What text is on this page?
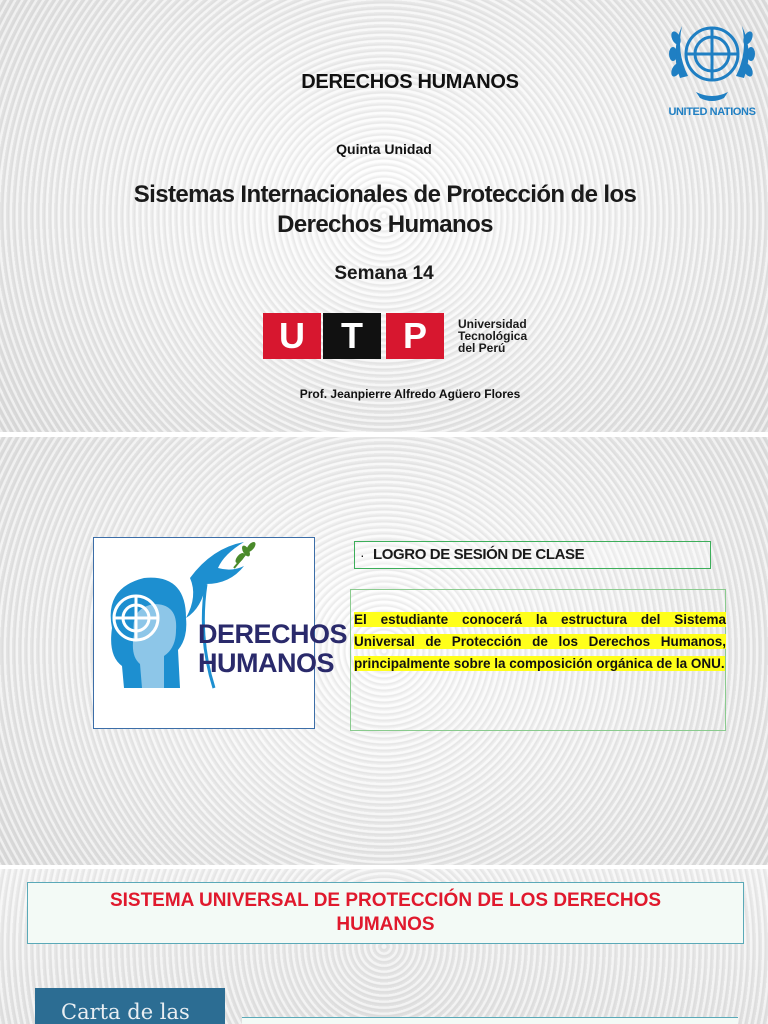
DERECHOS HUMANOS
UNITED NATIONS
Quinta Unidad
Sistemas Internacionales de Protección de los
Derechos Humanos
Semana 14
U	T	P	Universidad
Tecnológica
del Perú
Prof. Jeanpierre Alfredo Agüero Flores
DERECHOS
HUMANOS
· LOGRO DE SESIÓN DE CLASE
El estudiante conocerá la estructura del Sistema Universal de Protección de los Derechos Humanos, principalmente sobre la composición orgánica de la ONU.
SISTEMA UNIVERSAL DE PROTECCIÓN DE LOS DERECHOS
HUMANOS
Carta de las
